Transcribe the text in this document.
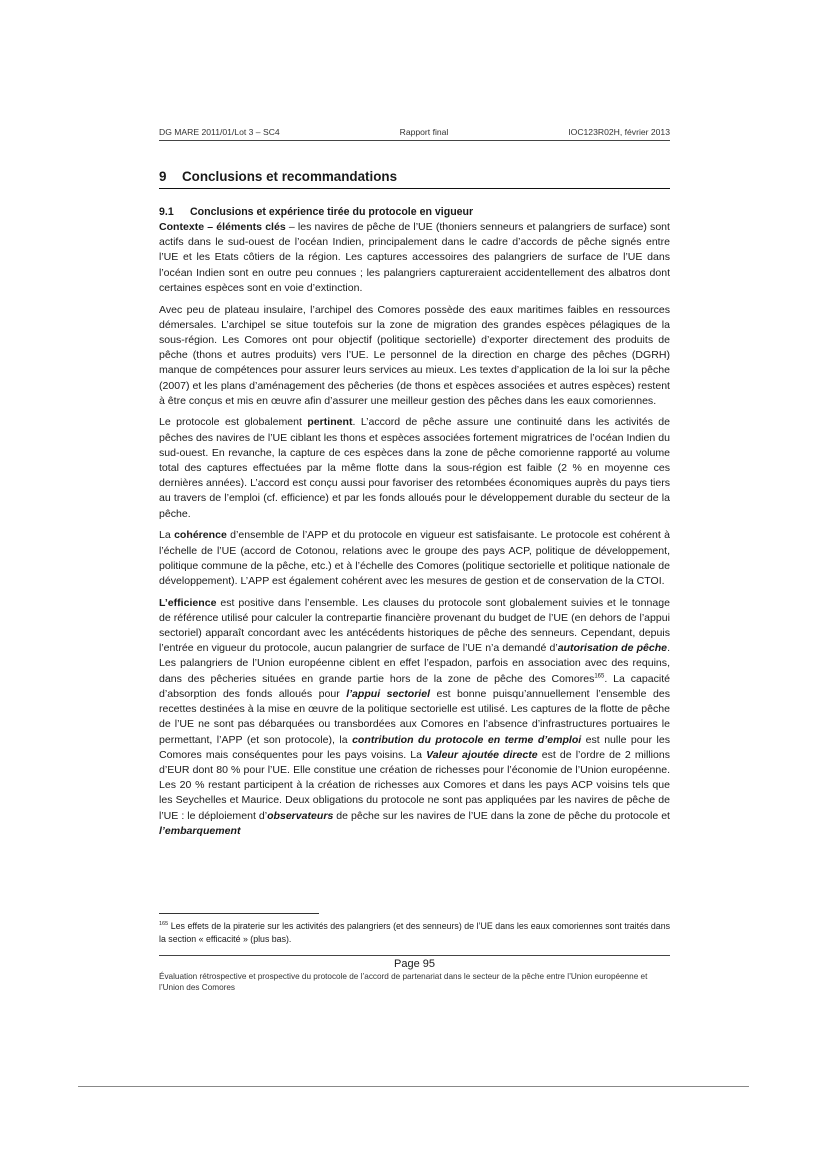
DG MARE 2011/01/Lot 3 – SC4	Rapport final	IOC123R02H, février 2013
9	Conclusions et recommandations
9.1	Conclusions et expérience tirée du protocole en vigueur

Contexte – éléments clés – les navires de pêche de l’UE (thoniers senneurs et palangriers de surface) sont actifs dans le sud-ouest de l’océan Indien, principalement dans le cadre d’accords de pêche signés entre l’UE et les Etats côtiers de la région. Les captures accessoires des palangriers de surface de l’UE dans l’océan Indien sont en outre peu connues ; les palangriers captureraient accidentellement des albatros dont certaines espèces sont en voie d’extinction.

Avec peu de plateau insulaire, l’archipel des Comores possède des eaux maritimes faibles en ressources démersales. L’archipel se situe toutefois sur la zone de migration des grandes espèces pélagiques de la sous-région. Les Comores ont pour objectif (politique sectorielle) d’exporter directement des produits de pêche (thons et autres produits) vers l’UE. Le personnel de la direction en charge des pêches (DGRH) manque de compétences pour assurer leurs services au mieux. Les textes d’application de la loi sur la pêche (2007) et les plans d’aménagement des pêcheries (de thons et espèces associées et autres espèces) restent à être conçus et mis en œuvre afin d’assurer une meilleur gestion des pêches dans les eaux comoriennes.

Le protocole est globalement pertinent. L’accord de pêche assure une continuité dans les activités de pêches des navires de l’UE ciblant les thons et espèces associées fortement migratrices de l’océan Indien du sud-ouest. En revanche, la capture de ces espèces dans la zone de pêche comorienne rapporté au volume total des captures effectuées par la même flotte dans la sous-région est faible (2 % en moyenne ces dernières années). L’accord est conçu aussi pour favoriser des retombées économiques auprès du pays tiers au travers de l’emploi (cf. efficience) et par les fonds alloués pour le développement durable du secteur de la pêche.

La cohérence d’ensemble de l’APP et du protocole en vigueur est satisfaisante. Le protocole est cohérent à l’échelle de l’UE (accord de Cotonou, relations avec le groupe des pays ACP, politique de développement, politique commune de la pêche, etc.) et à l’échelle des Comores (politique sectorielle et politique nationale de développement). L’APP est également cohérent avec les mesures de gestion et de conservation de la CTOI.

L’efficience est positive dans l’ensemble. Les clauses du protocole sont globalement suivies et le tonnage de référence utilisé pour calculer la contrepartie financière provenant du budget de l’UE (en dehors de l’appui sectoriel) apparaît concordant avec les antécédents historiques de pêche des senneurs. Cependant, depuis l’entrée en vigueur du protocole, aucun palangrier de surface de l’UE n’a demandé d’autorisation de pêche. Les palangriers de l’Union européenne ciblent en effet l’espadon, parfois en association avec des requins, dans des pêcheries situées en grande partie hors de la zone de pêche des Comores$^{165}$. La capacité d’absorption des fonds alloués pour l’appui sectoriel est bonne puisqu’annuellement l’ensemble des recettes destinées à la mise en œuvre de la politique sectorielle est utilisé. Les captures de la flotte de pêche de l’UE ne sont pas débarquées ou transbordées aux Comores en l’absence d’infrastructures portuaires le permettant, l’APP (et son protocole), la contribution du protocole en terme d’emploi est nulle pour les Comores mais conséquentes pour les pays voisins. La Valeur ajoutée directe est de l’ordre de 2 millions d’EUR dont 80 % pour l’UE. Elle constitue une création de richesses pour l’économie de l’Union européenne. Les 20 % restant participent à la création de richesses aux Comores et dans les pays ACP voisins tels que les Seychelles et Maurice. Deux obligations du protocole ne sont pas appliquées par les navires de pêche de l’UE : le déploiement d’observateurs de pêche sur les navires de l’UE dans la zone de pêche du protocole et l’embarquement

$^{165}$ Les effets de la piraterie sur les activités des palangriers (et des senneurs) de l’UE dans les eaux comoriennes sont traités dans la section « efficacité » (plus bas).
Page 95
Évaluation rétrospective et prospective du protocole de l’accord de partenariat dans le secteur de la pêche entre l’Union européenne et l’Union des Comores
